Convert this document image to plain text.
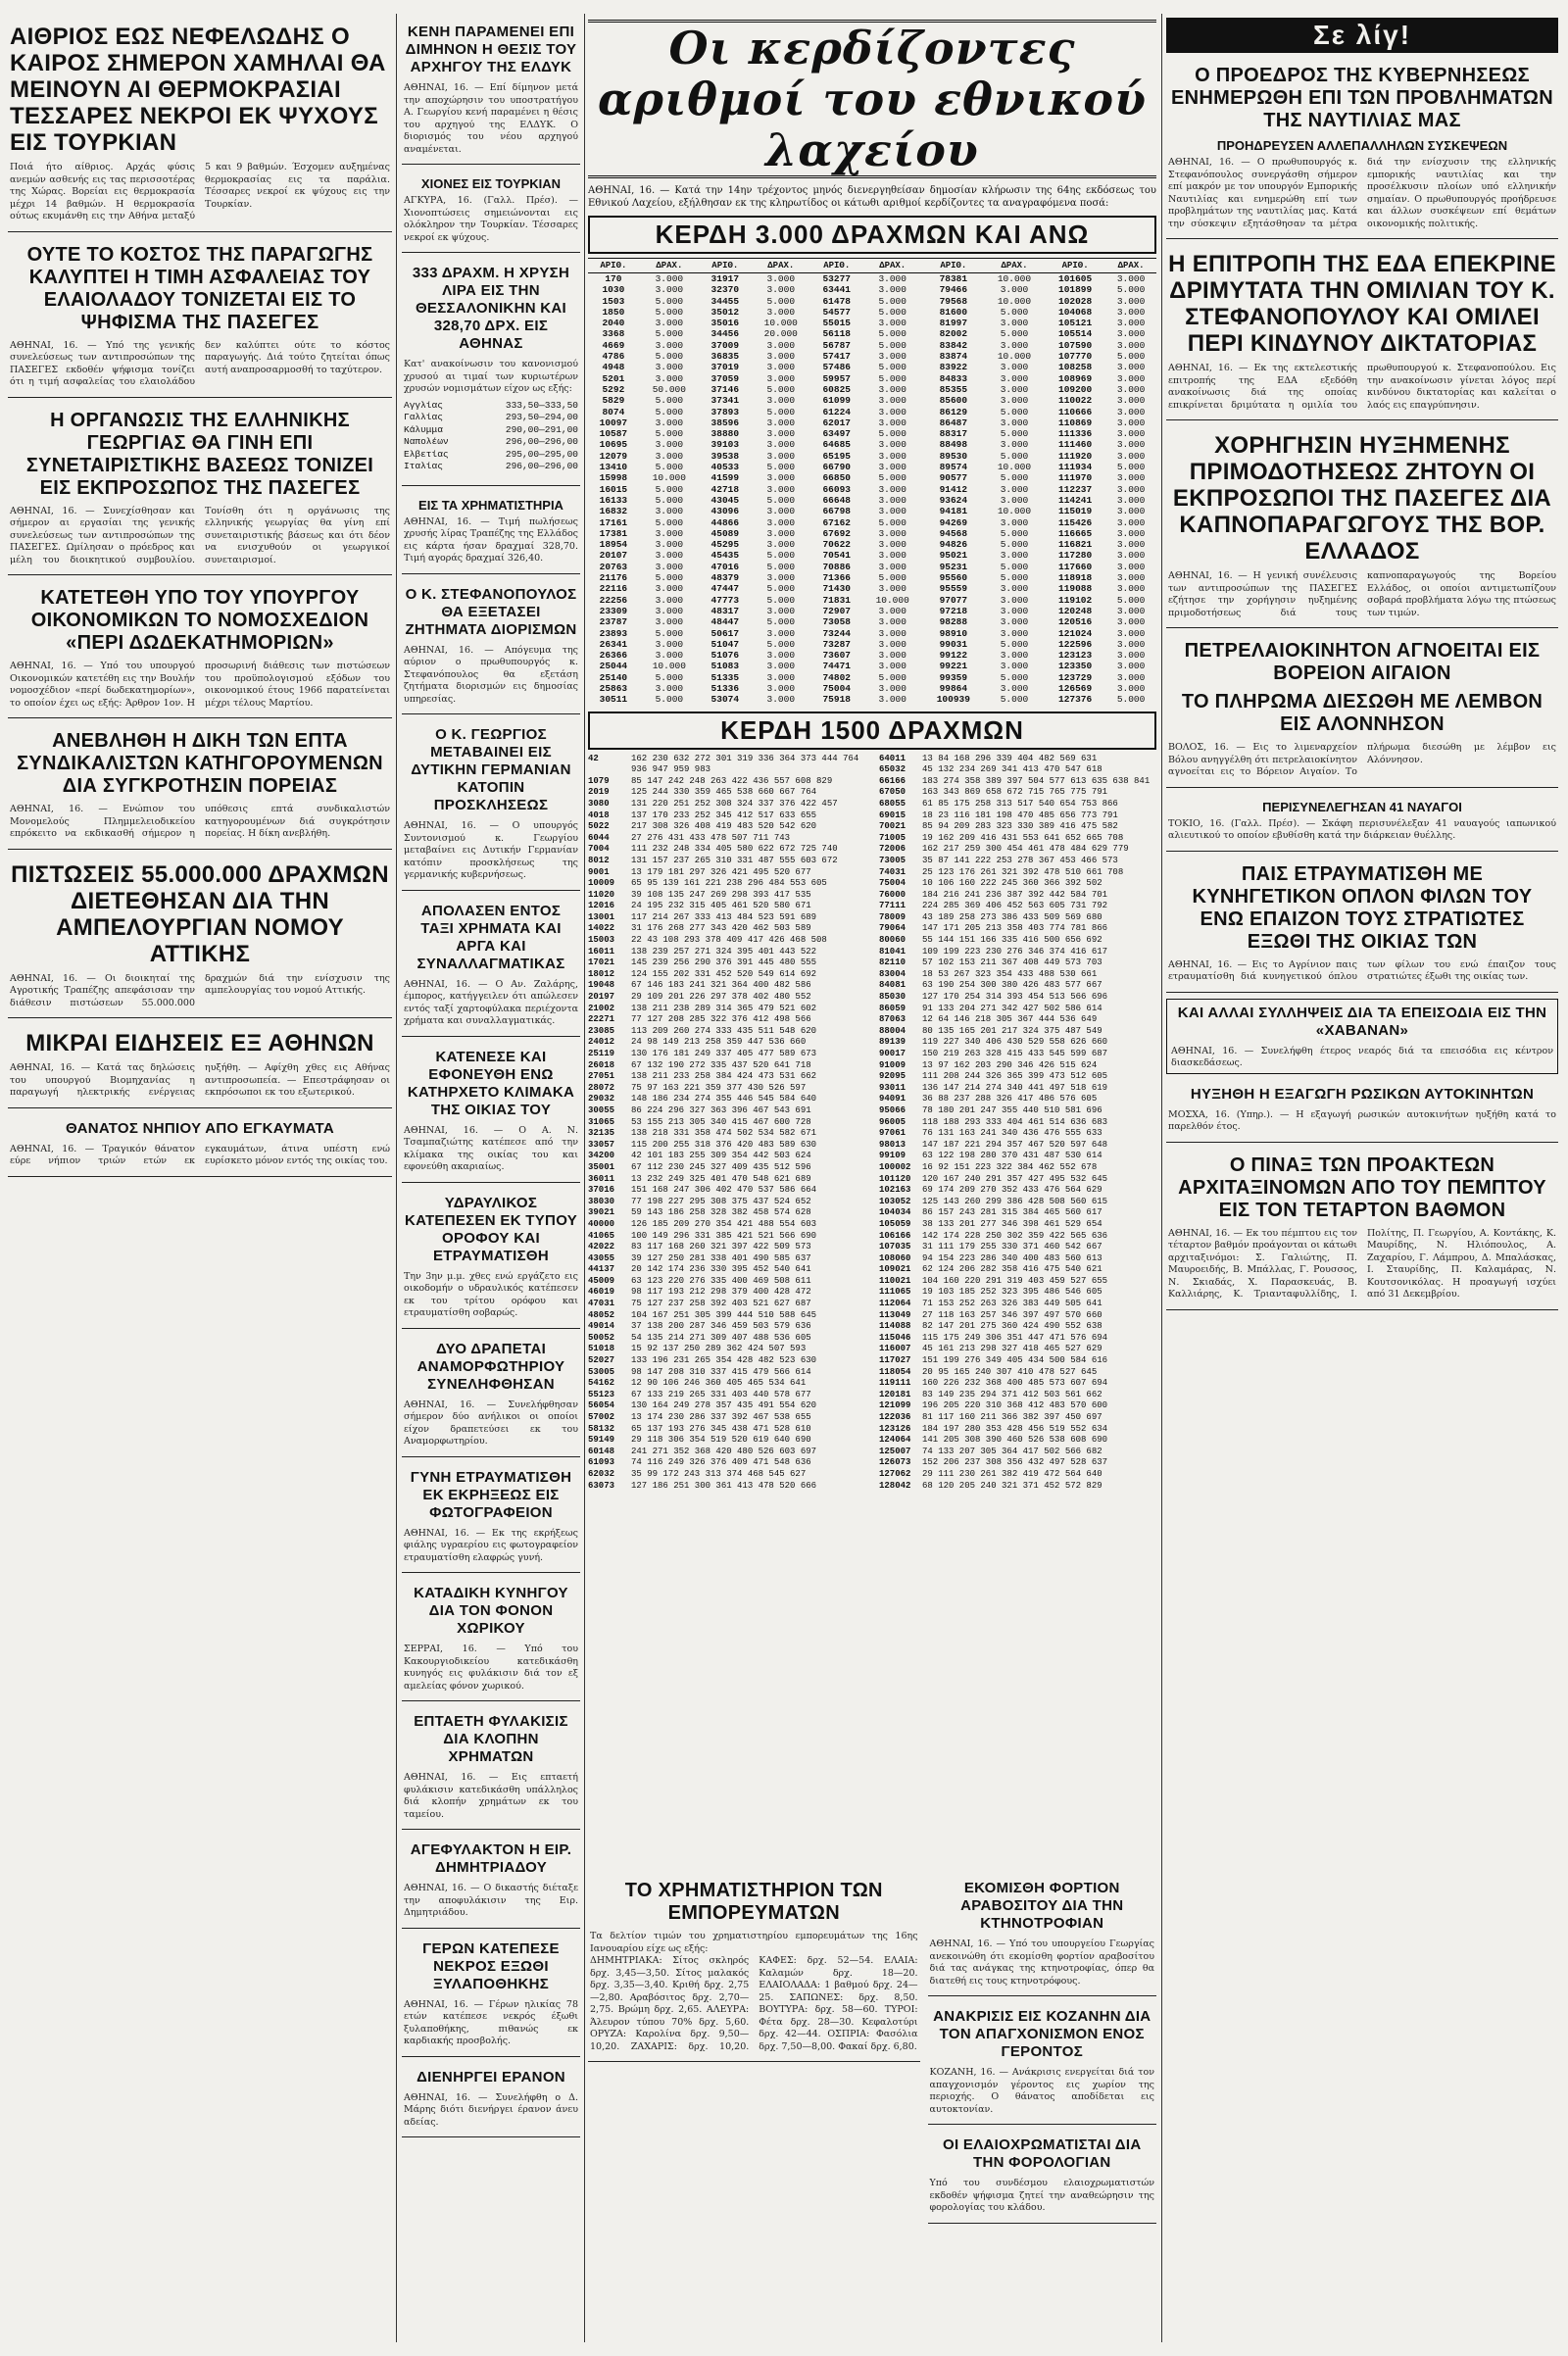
ΑΙΘΡΙΟΣ ΕΩΣ ΝΕΦΕΛΩΔΗΣ Ο ΚΑΙΡΟΣ ΣΗΜΕΡΟΝ ΧΑΜΗΛΑΙ ΘΑ ΜΕΙΝΟΥΝ ΑΙ ΘΕΡΜΟΚΡΑΣΙΑΙ ΤΕΣΣΑΡΕΣ ΝΕΚΡΟΙ ΕΚ ΨΥΧΟΥΣ ΕΙΣ ΤΟΥΡΚΙΑΝ
Ποιά ήτο αίθριος. Αρχάς φύσις ανεμών ασθενής εις τας περισσοτέρας της Χώρας. Βορείαι εις θερμοκρασία μέχρι 14 βαθμών. Η θερμοκρασία ούτως εκυμάνθη εις την Αθήνα μεταξύ 5 και 9 βαθμών. Έσχομεν αυξημένας θερμοκρασίας εις τα παράλια. Τέσσαρες νεκροί εκ ψύχους εις την Τουρκίαν.
ΟΥΤΕ ΤΟ ΚΟΣΤΟΣ ΤΗΣ ΠΑΡΑΓΩΓΗΣ ΚΑΛΥΠΤΕΙ Η ΤΙΜΗ ΑΣΦΑΛΕΙΑΣ ΤΟΥ ΕΛΑΙΟΛΑΔΟΥ ΤΟΝΙΖΕΤΑΙ ΕΙΣ ΤΟ ΨΗΦΙΣΜΑ ΤΗΣ ΠΑΣΕΓΕΣ
ΑΘΗΝΑΙ, 16. — Υπό της γενικής συνελεύσεως των αντιπροσώπων της ΠΑΣΕΓΕΣ εκδοθέν ψήφισμα τονίζει ότι η τιμή ασφαλείας του ελαιολάδου δεν καλύπτει ούτε το κόστος παραγωγής. Διά τούτο ζητείται όπως αυτή αναπροσαρμοσθή το ταχύτερον.
Η ΟΡΓΑΝΩΣΙΣ ΤΗΣ ΕΛΛΗΝΙΚΗΣ ΓΕΩΡΓΙΑΣ ΘΑ ΓΙΝΗ ΕΠΙ ΣΥΝΕΤΑΙΡΙΣΤΙΚΗΣ ΒΑΣΕΩΣ ΤΟΝΙΖΕΙ ΕΙΣ ΕΚΠΡΟΣΩΠΟΣ ΤΗΣ ΠΑΣΕΓΕΣ
ΑΘΗΝΑΙ, 16. — Συνεχίσθησαν και σήμερον αι εργασίαι της γενικής συνελεύσεως των αντιπροσώπων της ΠΑΣΕΓΕΣ. Ωμίλησαν ο πρόεδρος και μέλη του διοικητικού συμβουλίου. Τονίσθη ότι η οργάνωσις της ελληνικής γεωργίας θα γίνη επί συνεταιριστικής βάσεως και ότι δέον να ενισχυθούν οι γεωργικοί συνεταιρισμοί.
ΚΑΤΕΤΕΘΗ ΥΠΟ ΤΟΥ ΥΠΟΥΡΓΟΥ ΟΙΚΟΝΟΜΙΚΩΝ ΤΟ ΝΟΜΟΣΧΕΔΙΟΝ «ΠΕΡΙ ΔΩΔΕΚΑΤΗΜΟΡΙΩΝ»
ΑΘΗΝΑΙ, 16. — Υπό του υπουργού Οικονομικών κατετέθη εις την Βουλήν νομοσχέδιον «περί δωδεκατημορίων», το οποίον έχει ως εξής: Άρθρον 1ον. Η προσωρινή διάθεσις των πιστώσεων του προϋπολογισμού εξόδων του οικονομικού έτους 1966 παρατείνεται μέχρι τέλους Μαρτίου.
ΑΝΕΒΛΗΘΗ Η ΔΙΚΗ ΤΩΝ ΕΠΤΑ ΣΥΝΔΙΚΑΛΙΣΤΩΝ ΚΑΤΗΓΟΡΟΥΜΕΝΩΝ ΔΙΑ ΣΥΓΚΡΟΤΗΣΙΝ ΠΟΡΕΙΑΣ
ΑΘΗΝΑΙ, 16. — Ενώπιον του Μονομελούς Πλημμελειοδικείου επρόκειτο να εκδικασθή σήμερον η υπόθεσις επτά συνδικαλιστών κατηγορουμένων διά συγκρότησιν πορείας. Η δίκη ανεβλήθη.
ΠΙΣΤΩΣΕΙΣ 55.000.000 ΔΡΑΧΜΩΝ ΔΙΕΤΕΘΗΣΑΝ ΔΙΑ ΤΗΝ ΑΜΠΕΛΟΥΡΓΙΑΝ ΝΟΜΟΥ ΑΤΤΙΚΗΣ
ΑΘΗΝΑΙ, 16. — Οι διοικηταί της Αγροτικής Τραπέζης απεφάσισαν την διάθεσιν πιστώσεων 55.000.000 δραχμών διά την ενίσχυσιν της αμπελουργίας του νομού Αττικής.
ΜΙΚΡΑΙ ΕΙΔΗΣΕΙΣ ΕΞ ΑΘΗΝΩΝ
ΑΘΗΝΑΙ, 16. — Κατά τας δηλώσεις του υπουργού Βιομηχανίας η παραγωγή ηλεκτρικής ενέργειας ηυξήθη. — Αφίχθη χθες εις Αθήνας αντιπροσωπεία. — Επεστράφησαν οι εκπρόσωποι εκ του εξωτερικού.
ΘΑΝΑΤΟΣ ΝΗΠΙΟΥ ΑΠΟ ΕΓΚΑΥΜΑΤΑ
ΑΘΗΝΑΙ, 16. — Τραγικόν θάνατον εύρε νήπιον τριών ετών εκ εγκαυμάτων, άτινα υπέστη ενώ ευρίσκετο μόνον εντός της οικίας του.
ΚΕΝΗ ΠΑΡΑΜΕΝΕΙ ΕΠΙ ΔΙΜΗΝΟΝ Η ΘΕΣΙΣ ΤΟΥ ΑΡΧΗΓΟΥ ΤΗΣ ΕΛΔΥΚ
ΑΘΗΝΑΙ, 16. — Επί δίμηνον μετά την αποχώρησιν του υποστρατήγου Α. Γεωργίου κενή παραμένει η θέσις του αρχηγού της ΕΛΔΥΚ. Ο διορισμός του νέου αρχηγού αναμένεται.
ΧΙΟΝΕΣ ΕΙΣ ΤΟΥΡΚΙΑΝ
ΑΓΚΥΡΑ, 16. (Γαλλ. Πρέσ). — Χιονοπτώσεις σημειώνονται εις ολόκληρον την Τουρκίαν. Τέσσαρες νεκροί εκ ψύχους.
333 ΔΡΑΧΜ. Η ΧΡΥΣΗ ΛΙΡΑ ΕΙΣ ΤΗΝ ΘΕΣΣΑΛΟΝΙΚΗΝ ΚΑΙ 328,70 ΔΡΧ. ΕΙΣ ΑΘΗΝΑΣ
Κατ' ανακοίνωσιν του κανονισμού χρυσού αι τιμαί των κυριωτέρων χρυσών νομισμάτων είχον ως εξής:
Αγγλίας	333,50—333,50
Γαλλίας	293,50—294,00
Κάλυμμα	290,00—291,00
Ναπολέων	296,00—296,00
Ελβετίας	295,00—295,00
Ιταλίας	296,00—296,00
ΕΙΣ ΤΑ ΧΡΗΜΑΤΙΣΤΗΡΙΑ
ΑΘΗΝΑΙ, 16. — Τιμή πωλήσεως χρυσής λίρας Τραπέζης της Ελλάδος εις κάρτα ήσαν δραχμαί 328,70. Τιμή αγοράς δραχμαί 326,40.
Ο Κ. ΣΤΕΦΑΝΟΠΟΥΛΟΣ ΘΑ ΕΞΕΤΑΣΕΙ ΖΗΤΗΜΑΤΑ ΔΙΟΡΙΣΜΩΝ
ΑΘΗΝΑΙ, 16. — Απόγευμα της αύριον ο πρωθυπουργός κ. Στεφανόπουλος θα εξετάση ζητήματα διορισμών εις δημοσίας υπηρεσίας.
Ο Κ. ΓΕΩΡΓΙΟΣ ΜΕΤΑΒΑΙΝΕΙ ΕΙΣ ΔΥΤΙΚΗΝ ΓΕΡΜΑΝΙΑΝ ΚΑΤΟΠΙΝ ΠΡΟΣΚΛΗΣΕΩΣ
ΑΘΗΝΑΙ, 16. — Ο υπουργός Συντονισμού κ. Γεωργίου μεταβαίνει εις Δυτικήν Γερμανίαν κατόπιν προσκλήσεως της γερμανικής κυβερνήσεως.
ΑΠΟΛΑΣΕΝ ΕΝΤΟΣ ΤΑΞΙ ΧΡΗΜΑΤΑ ΚΑΙ ΑΡΓΑ ΚΑΙ ΣΥΝΑΛΛΑΓΜΑΤΙΚΑΣ
ΑΘΗΝΑΙ, 16. — Ο Αν. Ζαλάρης, έμπορος, κατήγγειλεν ότι απώλεσεν εντός ταξί χαρτοφύλακα περιέχοντα χρήματα και συναλλαγματικάς.
ΚΑΤΕΝΕΣΕ ΚΑΙ ΕΦΟΝΕΥΘΗ ΕΝΩ ΚΑΤΗΡΧΕΤΟ ΚΛΙΜΑΚΑ ΤΗΣ ΟΙΚΙΑΣ ΤΟΥ
ΑΘΗΝΑΙ, 16. — Ο Α. Ν. Τσαμπαζιώτης κατέπεσε από την κλίμακα της οικίας του και εφονεύθη ακαριαίως.
ΥΔΡΑΥΛΙΚΟΣ ΚΑΤΕΠΕΣΕΝ ΕΚ ΤΥΠΟΥ ΟΡΟΦΟΥ ΚΑΙ ΕΤΡΑΥΜΑΤΙΣΘΗ
Την 3ην μ.μ. χθες ενώ εργάζετο εις οικοδομήν ο υδραυλικός κατέπεσεν εκ του τρίτου ορόφου και ετραυματίσθη σοβαρώς.
ΔΥΟ ΔΡΑΠΕΤΑΙ ΑΝΑΜΟΡΦΩΤΗΡΙΟΥ ΣΥΝΕΛΗΦΘΗΣΑΝ
ΑΘΗΝΑΙ, 16. — Συνελήφθησαν σήμερον δύο ανήλικοι οι οποίοι είχον δραπετεύσει εκ του Αναμορφωτηρίου.
ΓΥΝΗ ΕΤΡΑΥΜΑΤΙΣΘΗ ΕΚ ΕΚΡΗΞΕΩΣ ΕΙΣ ΦΩΤΟΓΡΑΦΕΙΟΝ
ΑΘΗΝΑΙ, 16. — Εκ της εκρήξεως φιάλης υγραερίου εις φωτογραφείον ετραυματίσθη ελαφρώς γυνή.
ΚΑΤΑΔΙΚΗ ΚΥΝΗΓΟΥ ΔΙΑ ΤΟΝ ΦΟΝΟΝ ΧΩΡΙΚΟΥ
ΣΕΡΡΑΙ, 16. — Υπό του Κακουργιοδικείου κατεδικάσθη κυνηγός εις φυλάκισιν διά τον εξ αμελείας φόνον χωρικού.
ΕΠΤΑΕΤΗ ΦΥΛΑΚΙΣΙΣ ΔΙΑ ΚΛΟΠΗΝ ΧΡΗΜΑΤΩΝ
ΑΘΗΝΑΙ, 16. — Εις επταετή φυλάκισιν κατεδικάσθη υπάλληλος διά κλοπήν χρημάτων εκ του ταμείου.
ΑΓΕΦΥΛΑΚΤΟΝ Η ΕΙΡ. ΔΗΜΗΤΡΙΑΔΟΥ
ΑΘΗΝΑΙ, 16. — Ο δικαστής διέταξε την αποφυλάκισιν της Ειρ. Δημητριάδου.
ΓΕΡΩΝ ΚΑΤΕΠΕΣΕ ΝΕΚΡΟΣ ΕΞΩΘΙ ΞΥΛΑΠΟΘΗΚΗΣ
ΑΘΗΝΑΙ, 16. — Γέρων ηλικίας 78 ετών κατέπεσε νεκρός έξωθι ξυλαποθήκης, πιθανώς εκ καρδιακής προσβολής.
ΔΙΕΝΗΡΓΕΙ ΕΡΑΝΟΝ
ΑΘΗΝΑΙ, 16. — Συνελήφθη ο Δ. Μάρης διότι διενήργει έρανον άνευ αδείας.
Οι κερδίζοντες αριθμοί του εθνικού λαχείου
ΑΘΗΝΑΙ, 16. — Κατά την 14ην τρέχοντος μηνός διενεργηθείσαν δημοσίαν κλήρωσιν της 64ης εκδόσεως του Εθνικού Λαχείου, εξήλθησαν εκ της κληρωτίδος οι κάτωθι αριθμοί κερδίζοντες τα αναγραφόμενα ποσά:
ΚΕΡΔΗ 3.000 ΔΡΑΧΜΩΝ ΚΑΙ ΑΝΩ
ΑΡΙΘ.	ΔΡΑΧ.	ΑΡΙΘ.	ΔΡΑΧ.	ΑΡΙΘ.	ΔΡΑΧ.	ΑΡΙΘ.	ΔΡΑΧ.	ΑΡΙΘ.	ΔΡΑΧ.
170	3.000	31917	3.000	53277	3.000	78381	10.000	101605	3.000
1030	3.000	32370	3.000	63441	3.000	79466	3.000	101899	5.000
1503	5.000	34455	5.000	61478	5.000	79568	10.000	102028	3.000
1850	5.000	35012	3.000	54577	5.000	81600	5.000	104068	3.000
2040	3.000	35016	10.000	55015	3.000	81997	3.000	105121	3.000
3368	5.000	34456	20.000	56118	5.000	82002	5.000	105514	3.000
4669	3.000	37009	3.000	56787	5.000	83842	3.000	107590	3.000
4786	5.000	36835	3.000	57417	3.000	83874	10.000	107770	5.000
4948	3.000	37019	3.000	57486	5.000	83922	3.000	108258	3.000
5201	3.000	37059	3.000	59957	5.000	84833	3.000	108969	3.000
5292	50.000	37146	5.000	60825	3.000	85355	3.000	109200	3.000
5829	5.000	37341	3.000	61099	3.000	85600	3.000	110022	3.000
8074	5.000	37893	5.000	61224	3.000	86129	5.000	110666	3.000
10097	3.000	38596	3.000	62017	3.000	86487	3.000	110869	3.000
10587	5.000	38880	3.000	63497	5.000	88317	5.000	111336	3.000
10695	3.000	39103	3.000	64685	3.000	88498	3.000	111460	3.000
12079	3.000	39538	3.000	65195	3.000	89530	5.000	111920	3.000
13410	5.000	40533	5.000	66790	3.000	89574	10.000	111934	5.000
15998	10.000	41599	3.000	66850	5.000	90577	5.000	111970	3.000
16015	5.000	42718	3.000	66093	3.000	91412	3.000	112237	3.000
16133	5.000	43045	5.000	66648	3.000	93624	3.000	114241	3.000
16832	3.000	43096	3.000	66798	3.000	94181	10.000	115019	3.000
17161	5.000	44866	3.000	67162	5.000	94269	3.000	115426	3.000
17381	3.000	45089	3.000	67692	3.000	94568	5.000	116665	3.000
18954	3.000	45295	3.000	70622	3.000	94826	5.000	116821	3.000
20107	3.000	45435	5.000	70541	3.000	95021	3.000	117280	3.000
20763	3.000	47016	5.000	70886	3.000	95231	5.000	117660	3.000
21176	5.000	48379	3.000	71366	5.000	95560	5.000	118918	3.000
22116	3.000	47447	5.000	71430	3.000	95559	3.000	119088	3.000
22256	3.000	47773	5.000	71831	10.000	97077	3.000	119102	5.000
23309	3.000	48317	3.000	72907	3.000	97218	3.000	120248	3.000
23787	3.000	48447	5.000	73058	3.000	98288	3.000	120516	3.000
23893	5.000	50617	3.000	73244	3.000	98910	3.000	121024	3.000
26341	3.000	51047	5.000	73287	3.000	99031	5.000	122596	3.000
26366	3.000	51076	3.000	73607	3.000	99122	3.000	123123	3.000
25044	10.000	51083	3.000	74471	3.000	99221	3.000	123350	3.000
25140	5.000	51335	3.000	74802	5.000	99359	5.000	123729	3.000
25863	3.000	51336	3.000	75004	3.000	99864	3.000	126569	3.000
30511	5.000	53074	3.000	75918	3.000	100939	5.000	127376	5.000
ΚΕΡΔΗ 1500 ΔΡΑΧΜΩΝ
42	162 230 632 272 301 319 336 364 373 444 764
936 947 959 983
1079 85 147 242 248 263 422 436 557 608 829
2019 125 244 330 359 465 538 660 667 764
3080 131 220 251 252 308 324 337 376 422 457
4018 137 170 233 252 345 412 517 633 655
5022 217 308 326 408 419 483 520 542 620
6044 27 276 431 433 478 507 711 743
7004 111 232 248 334 405 580 622 672 725 740
8012 131 157 237 265 310 331 487 555 603 672
9001 13 179 181 297 326 421 495 520 677
10009 65 95 139 161 221 238 296 484 553 605
11020 39 108 135 247 269 298 393 417 535
12016 24 195 232 315 405 461 520 580 671
13001 117 214 267 333 413 484 523 591 689
14022 31 176 268 277 343 420 462 503 589
15003 22 43 108 293 378 409 417 426 468 508
16011 138 239 257 271 324 395 401 443 522
17021 145 239 256 290 376 391 445 480 555
18012 124 155 202 331 452 520 549 614 692
19048 67 146 183 241 321 364 400 482 586
20197 29 109 201 226 297 378 402 480 552
21002 138 211 238 289 314 365 479 521 602
22271 77 127 208 285 322 376 412 498 566
23085 113 209 260 274 333 435 511 548 620
24012 24 98 149 213 258 359 447 536 660
25119 130 176 181 249 337 405 477 589 673
26018 67 132 190 272 335 437 520 641 718
27051 138 211 233 258 384 424 473 531 662
28072 75 97 163 221 359 377 430 526 597
29032 148 186 234 274 355 446 545 584 640
30055 86 224 296 327 363 396 467 543 691
31065 53 155 213 305 340 415 467 600 728
32135 138 218 331 358 474 502 534 582 671
33057 115 200 255 318 376 420 483 589 630
34200 42 101 183 255 309 354 442 503 624
35001 67 112 230 245 327 409 435 512 596
36011 13 232 249 325 401 470 548 621 689
37016 151 168 247 306 402 470 537 586 664
38030 77 198 227 295 308 375 437 524 652
39021 59 143 186 258 328 382 458 574 628
40000 126 185 209 270 354 421 488 554 603
41065 100 149 296 331 385 421 521 566 690
42022 83 117 168 260 321 397 422 509 573
43055 39 127 250 281 338 401 490 585 637
44137 20 142 174 236 330 395 452 540 641
45009 63 123 220 276 335 400 469 508 611
46019 98 117 193 212 298 379 400 428 472
47031 75 127 237 258 392 403 521 627 687
48052 104 167 251 305 399 444 510 588 645
49014 37 138 200 287 346 459 503 579 636
50052 54 135 214 271 309 407 488 536 605
51018 15 92 137 250 289 362 424 507 593
52027 133 196 231 265 354 428 482 523 630
53005 98 147 208 310 337 415 479 566 614
54162 12 90 106 246 360 405 465 534 641
55123 67 133 219 265 331 403 440 578 677
56054 130 164 249 278 357 435 491 554 620
57002 13 174 230 286 337 392 467 538 655
58132 65 137 193 276 345 438 471 528 610
59149 29 118 306 354 519 520 619 640 690
60148 241 271 352 368 420 480 526 603 697
61093 74 116 249 326 376 409 471 548 636
62032 35 99 172 243 313 374 468 545 627
63073 127 186 251 300 361 413 478 520 666
64011 13 84 168 296 339 404 482 569 631
65032 45 132 234 269 341 413 470 547 618
66166 183 274 358 389 397 504 577 613 635 638 841
67050 163 343 869 658 672 715 765 775 791
68055 61 85 175 258 313 517 540 654 753 866
69015 18 23 116 181 198 470 485 656 773 791
70021 85 94 209 283 323 330 389 416 475 582
71005 19 162 209 416 431 553 641 652 665 708
72006 162 217 259 300 454 461 478 484 629 779
73005 35 87 141 222 253 278 367 453 466 573
74031 25 123 176 261 321 392 478 510 661 708
75004 10 106 160 222 245 360 366 392 502
76000 184 216 241 236 387 392 442 584 701
77111 224 285 369 406 452 563 605 731 792
78009 43 189 258 273 386 433 509 569 680
79064 147 171 205 213 358 403 774 781 866
80060 55 144 151 166 335 416 500 656 692
81041 109 199 223 230 276 346 374 416 617
82110 57 102 153 211 367 408 449 573 703
83004 18 53 267 323 354 433 488 530 661
84081 63 190 254 300 380 426 483 577 667
85030 127 170 254 314 393 454 513 566 696
86059 91 133 204 271 342 427 502 586 614
87063 12 64 146 218 305 367 444 536 649
88004 80 135 165 201 217 324 375 487 549
89139 119 227 340 406 430 529 558 626 660
90017 150 219 263 328 415 433 545 599 687
91009 13 97 162 203 290 346 426 515 624
92095 111 208 244 326 365 399 473 512 605
93011 136 147 214 274 340 441 497 518 619
94091 36 88 237 288 326 417 486 576 605
95066 78 180 201 247 355 440 510 581 696
96005 118 188 293 333 404 461 514 636 683
97061 76 131 163 241 340 436 476 555 633
98013 147 187 221 294 357 467 520 597 648
99109 63 122 198 280 370 431 487 530 614
100002 16 92 151 223 322 384 462 552 678
101120 120 167 240 291 357 427 495 532 645
102163 69 174 209 270 352 433 476 564 629
103052 125 143 260 299 386 428 508 560 615
104034 86 157 243 281 315 384 465 560 617
105059 38 133 201 277 346 398 461 529 654
106166 142 174 228 250 302 359 422 565 636
107035 31 111 179 255 330 371 460 542 667
108060 94 154 223 286 340 400 483 560 613
109021 62 124 206 282 358 416 475 540 621
110021 104 160 220 291 319 403 459 527 655
111065 19 103 185 252 323 395 486 546 605
112064 71 153 252 263 326 383 449 505 641
113049 27 118 163 257 346 397 497 570 660
114088 82 147 201 275 360 424 490 552 638
115046 115 175 249 306 351 447 471 576 694
116007 45 161 213 298 327 418 465 527 629
117027 151 199 276 349 405 434 500 584 616
118054 20 95 165 240 307 410 478 527 645
119111 160 226 232 368 400 485 573 607 694
120181 83 149 235 294 371 412 503 561 662
121099 196 205 220 310 368 412 483 570 600
122036 81 117 160 211 366 382 397 450 697
123126 184 197 280 353 428 456 519 552 634
124064 141 205 308 390 460 526 538 608 690
125007 74 133 207 305 364 417 502 566 682
126073 152 206 237 308 356 432 497 528 637
127062 29 111 230 261 382 419 472 564 640
128042 68 120 205 240 321 371 452 572 829
ΤΟ ΧΡΗΜΑΤΙΣΤΗΡΙΟΝ ΤΩΝ ΕΜΠΟΡΕΥΜΑΤΩΝ
Τα δελτίον τιμών του χρηματιστηρίου εμπορευμάτων της 16ης Ιανουαρίου είχε ως εξής:
ΔΗΜΗΤΡΙΑΚΑ: Σίτος σκληρός δρχ. 3,45—3,50. Σίτος μαλακός δρχ. 3,35—3,40. Κριθή δρχ. 2,75—2,80. Αραβόσιτος δρχ. 2,70—2,75. Βρώμη δρχ. 2,65. ΑΛΕΥΡΑ: Άλευρον τύπου 70% δρχ. 5,60. ΟΡΥΖΑ: Καρολίνα δρχ. 9,50—10,20. ΖΑΧΑΡΙΣ: δρχ. 10,20. ΚΑΦΕΣ: δρχ. 52—54. ΕΛΑΙΑ: Καλαμών δρχ. 18—20. ΕΛΑΙΟΛΑΔΑ: 1 βαθμού δρχ. 24—25. ΣΑΠΩΝΕΣ: δρχ. 8,50. ΒΟΥΤΥΡΑ: δρχ. 58—60. ΤΥΡΟΙ: Φέτα δρχ. 28—30. Κεφαλοτύρι δρχ. 42—44. ΟΣΠΡΙΑ: Φασόλια δρχ. 7,50—8,00. Φακαί δρχ. 6,80.
ΕΚΟΜΙΣΘΗ ΦΟΡΤΙΟΝ ΑΡΑΒΟΣΙΤΟΥ ΔΙΑ ΤΗΝ ΚΤΗΝΟΤΡΟΦΙΑΝ
ΑΘΗΝΑΙ, 16. — Υπό του υπουργείου Γεωργίας ανεκοινώθη ότι εκομίσθη φορτίον αραβοσίτου διά τας ανάγκας της κτηνοτροφίας, όπερ θα διατεθή εις τους κτηνοτρόφους.
ΑΝΑΚΡΙΣΙΣ ΕΙΣ ΚΟΖΑΝΗΝ ΔΙΑ ΤΟΝ ΑΠΑΓΧΟΝΙΣΜΟΝ ΕΝΟΣ ΓΕΡΟΝΤΟΣ
ΚΟΖΑΝΗ, 16. — Ανάκρισις ενεργείται διά τον απαγχονισμόν γέροντος εις χωρίον της περιοχής. Ο θάνατος αποδίδεται εις αυτοκτονίαν.
ΟΙ ΕΛΑΙΟΧΡΩΜΑΤΙΣΤΑΙ ΔΙΑ ΤΗΝ ΦΟΡΟΛΟΓΙΑΝ
Υπό του συνδέσμου ελαιοχρωματιστών εκδοθέν ψήφισμα ζητεί την αναθεώρησιν της φορολογίας του κλάδου.
Σε λίγ!
Ο ΠΡΟΕΔΡΟΣ ΤΗΣ ΚΥΒΕΡΝΗΣΕΩΣ ΕΝΗΜΕΡΩΘΗ ΕΠΙ ΤΩΝ ΠΡΟΒΛΗΜΑΤΩΝ ΤΗΣ ΝΑΥΤΙΛΙΑΣ ΜΑΣ
ΠΡΟΗΔΡΕΥΣΕΝ ΑΛΛΕΠΑΛΛΗΛΩΝ ΣΥΣΚΕΨΕΩΝ
ΑΘΗΝΑΙ, 16. — Ο πρωθυπουργός κ. Στεφανόπουλος συνεργάσθη σήμερον επί μακρόν με τον υπουργόν Εμπορικής Ναυτιλίας και ενημερώθη επί των προβλημάτων της ναυτιλίας μας. Κατά την σύσκεψιν εξητάσθησαν τα μέτρα διά την ενίσχυσιν της ελληνικής εμπορικής ναυτιλίας και την προσέλκυσιν πλοίων υπό ελληνικήν σημαίαν. Ο πρωθυπουργός προήδρευσε και άλλων συσκέψεων επί θεμάτων οικονομικής πολιτικής.
Η ΕΠΙΤΡΟΠΗ ΤΗΣ ΕΔΑ ΕΠΕΚΡΙΝΕ ΔΡΙΜΥΤΑΤΑ ΤΗΝ ΟΜΙΛΙΑΝ ΤΟΥ Κ. ΣΤΕΦΑΝΟΠΟΥΛΟΥ ΚΑΙ ΟΜΙΛΕΙ ΠΕΡΙ ΚΙΝΔΥΝΟΥ ΔΙΚΤΑΤΟΡΙΑΣ
ΑΘΗΝΑΙ, 16. — Εκ της εκτελεστικής επιτροπής της ΕΔΑ εξεδόθη ανακοίνωσις διά της οποίας επικρίνεται δριμύτατα η ομιλία του πρωθυπουργού κ. Στεφανοπούλου. Εις την ανακοίνωσιν γίνεται λόγος περί κινδύνου δικτατορίας και καλείται ο λαός εις επαγρύπνησιν.
ΧΟΡΗΓΗΣΙΝ ΗΥΞΗΜΕΝΗΣ ΠΡΙΜΟΔΟΤΗΣΕΩΣ ΖΗΤΟΥΝ ΟΙ ΕΚΠΡΟΣΩΠΟΙ ΤΗΣ ΠΑΣΕΓΕΣ ΔΙΑ ΚΑΠΝΟΠΑΡΑΓΩΓΟΥΣ ΤΗΣ ΒΟΡ. ΕΛΛΑΔΟΣ
ΑΘΗΝΑΙ, 16. — Η γενική συνέλευσις των αντιπροσώπων της ΠΑΣΕΓΕΣ εζήτησε την χορήγησιν ηυξημένης πριμοδοτήσεως διά τους καπνοπαραγωγούς της Βορείου Ελλάδος, οι οποίοι αντιμετωπίζουν σοβαρά προβλήματα λόγω της πτώσεως των τιμών.
ΠΕΤΡΕΛΑΙΟΚΙΝΗΤΟΝ ΑΓΝΟΕΙΤΑΙ ΕΙΣ ΒΟΡΕΙΟΝ ΑΙΓΑΙΟΝ
ΤΟ ΠΛΗΡΩΜΑ ΔΙΕΣΩΘΗ ΜΕ ΛΕΜΒΟΝ ΕΙΣ ΑΛΟΝΝΗΣΟΝ
ΒΟΛΟΣ, 16. — Εις το λιμεναρχείον Βόλου ανηγγέλθη ότι πετρελαιοκίνητον αγνοείται εις το Βόρειον Αιγαίον. Το πλήρωμα διεσώθη με λέμβον εις Αλόννησον.
ΠΕΡΙΣΥΝΕΛΕΓΗΣΑΝ 41 ΝΑΥΑΓΟΙ
ΤΟΚΙΟ, 16. (Γαλλ. Πρέσ). — Σκάφη περισυνέλεξαν 41 ναυαγούς ιαπωνικού αλιευτικού το οποίον εβυθίσθη κατά την διάρκειαν θυέλλης.
ΠΑΙΣ ΕΤΡΑΥΜΑΤΙΣΘΗ ΜΕ ΚΥΝΗΓΕΤΙΚΟΝ ΟΠΛΟΝ ΦΙΛΩΝ ΤΟΥ ΕΝΩ ΕΠΑΙΖΟΝ ΤΟΥΣ ΣΤΡΑΤΙΩΤΕΣ ΕΞΩΘΙ ΤΗΣ ΟΙΚΙΑΣ ΤΩΝ
ΑΘΗΝΑΙ, 16. — Εις το Αγρίνιον παις ετραυματίσθη διά κυνηγετικού όπλου των φίλων του ενώ έπαιζον τους στρατιώτες έξωθι της οικίας των.
ΚΑΙ ΑΛΛΑΙ ΣΥΛΛΗΨΕΙΣ ΔΙΑ ΤΑ ΕΠΕΙΣΟΔΙΑ ΕΙΣ ΤΗΝ «ΧΑΒΑΝΑΝ»
ΑΘΗΝΑΙ, 16. — Συνελήφθη έτερος νεαρός διά τα επεισόδια εις κέντρον διασκεδάσεως.
ΗΥΞΗΘΗ Η ΕΞΑΓΩΓΗ ΡΩΣΙΚΩΝ ΑΥΤΟΚΙΝΗΤΩΝ
ΜΟΣΧΑ, 16. (Υπηρ.). — Η εξαγωγή ρωσικών αυτοκινήτων ηυξήθη κατά το παρελθόν έτος.
Ο ΠΙΝΑΞ ΤΩΝ ΠΡΟΑΚΤΕΩΝ ΑΡΧΙΤΑΞΙΝΟΜΩΝ ΑΠΟ ΤΟΥ ΠΕΜΠΤΟΥ ΕΙΣ ΤΟΝ ΤΕΤΑΡΤΟΝ ΒΑΘΜΟΝ
ΑΘΗΝΑΙ, 16. — Εκ του πέμπτου εις τον τέταρτον βαθμόν προάγονται οι κάτωθι αρχιταξινόμοι: Σ. Γαλιώτης, Π. Μαυροειδής, Β. Μπάλλας, Γ. Ρουσσος, Ν. Σκιαδάς, Χ. Παρασκευάς, Β. Καλλιάρης, Κ. Τριανταφυλλίδης, Ι. Πολίτης, Π. Γεωργίου, Α. Κοντάκης, Κ. Μαυρίδης, Ν. Ηλιόπουλος, Α. Ζαχαρίου, Γ. Λάμπρου, Δ. Μπαλάσκας, Ι. Σταυρίδης, Π. Καλαμάρας, Ν. Κουτσονικόλας. Η προαγωγή ισχύει από 31 Δεκεμβρίου.
